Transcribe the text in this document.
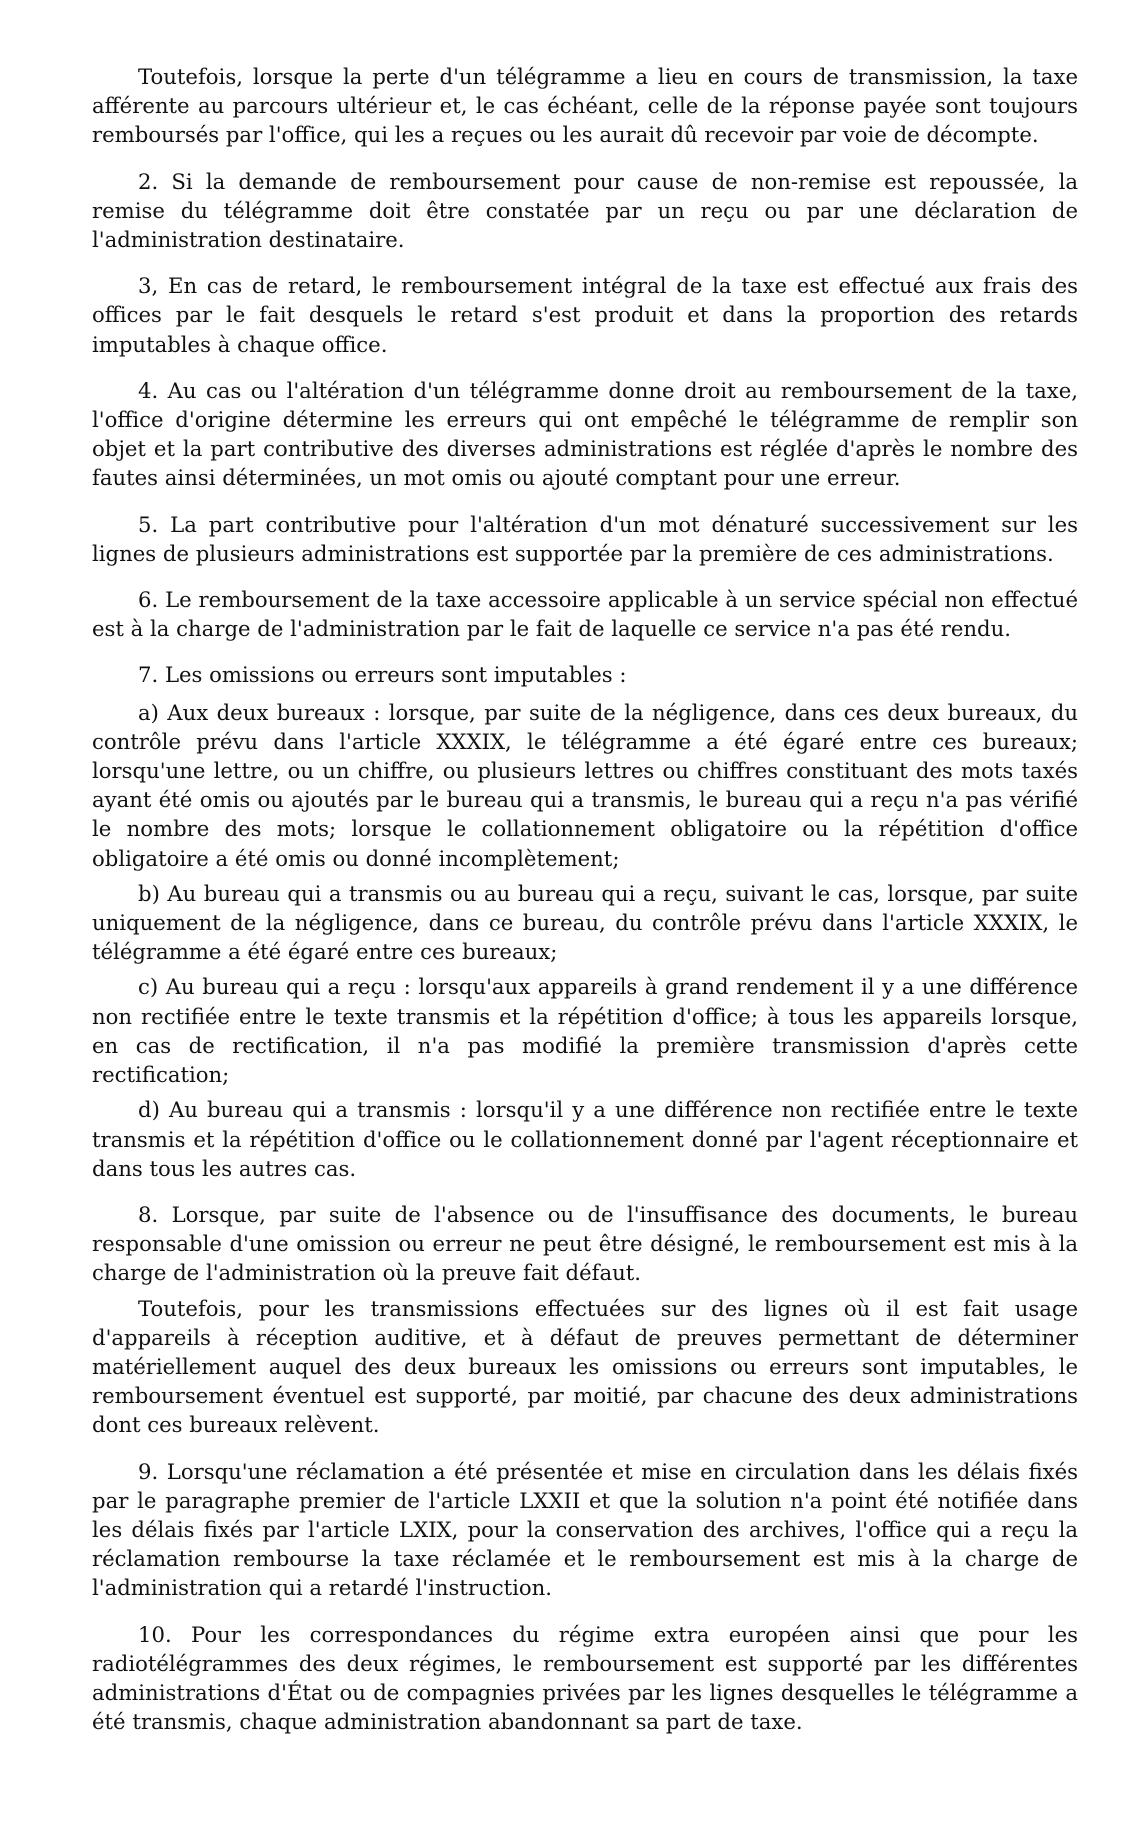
Toutefois, lorsque la perte d'un télégramme a lieu en cours de transmission, la taxe afférente au parcours ultérieur et, le cas échéant, celle de la réponse payée sont toujours remboursés par l'office, qui les a reçues ou les aurait dû recevoir par voie de décompte.

2. Si la demande de remboursement pour cause de non-remise est repoussée, la remise du télégramme doit être constatée par un reçu ou par une déclaration de l'administration destinataire.

3, En cas de retard, le remboursement intégral de la taxe est effectué aux frais des offices par le fait desquels le retard s'est produit et dans la proportion des retards imputables à chaque office.

4. Au cas ou l'altération d'un télégramme donne droit au remboursement de la taxe, l'office d'origine détermine les erreurs qui ont empêché le télégramme de remplir son objet et la part contributive des diverses administrations est réglée d'après le nombre des fautes ainsi déterminées, un mot omis ou ajouté comptant pour une erreur.

5. La part contributive pour l'altération d'un mot dénaturé successivement sur les lignes de plusieurs administrations est supportée par la première de ces administrations.

6. Le remboursement de la taxe accessoire applicable à un service spécial non effectué est à la charge de l'administration par le fait de laquelle ce service n'a pas été rendu.

7. Les omissions ou erreurs sont imputables :

a) Aux deux bureaux : lorsque, par suite de la négligence, dans ces deux bureaux, du contrôle prévu dans l'article XXXIX, le télégramme a été égaré entre ces bureaux; lorsqu'une lettre, ou un chiffre, ou plusieurs lettres ou chiffres constituant des mots taxés ayant été omis ou ajoutés par le bureau qui a transmis, le bureau qui a reçu n'a pas vérifié le nombre des mots; lorsque le collationnement obligatoire ou la répétition d'office obligatoire a été omis ou donné incomplètement;

b) Au bureau qui a transmis ou au bureau qui a reçu, suivant le cas, lorsque, par suite uniquement de la négligence, dans ce bureau, du contrôle prévu dans l'article XXXIX, le télégramme a été égaré entre ces bureaux;

c) Au bureau qui a reçu : lorsqu'aux appareils à grand rendement il y a une différence non rectifiée entre le texte transmis et la répétition d'office; à tous les appareils lorsque, en cas de rectification, il n'a pas modifié la première transmission d'après cette rectification;

d) Au bureau qui a transmis : lorsqu'il y a une différence non rectifiée entre le texte transmis et la répétition d'office ou le collationnement donné par l'agent réceptionnaire et dans tous les autres cas.

8. Lorsque, par suite de l'absence ou de l'insuffisance des documents, le bureau responsable d'une omission ou erreur ne peut être désigné, le remboursement est mis à la charge de l'administration où la preuve fait défaut.

Toutefois, pour les transmissions effectuées sur des lignes où il est fait usage d'appareils à réception auditive, et à défaut de preuves permettant de déterminer matériellement auquel des deux bureaux les omissions ou erreurs sont imputables, le remboursement éventuel est supporté, par moitié, par chacune des deux administrations dont ces bureaux relèvent.

9. Lorsqu'une réclamation a été présentée et mise en circulation dans les délais fixés par le paragraphe premier de l'article LXXII et que la solution n'a point été notifiée dans les délais fixés par l'article LXIX, pour la conservation des archives, l'office qui a reçu la réclamation rembourse la taxe réclamée et le remboursement est mis à la charge de l'administration qui a retardé l'instruction.

10. Pour les correspondances du régime extra européen ainsi que pour les radiotélégrammes des deux régimes, le remboursement est supporté par les différentes administrations d'État ou de compagnies privées par les lignes desquelles le télégramme a été transmis, chaque administration abandonnant sa part de taxe.
